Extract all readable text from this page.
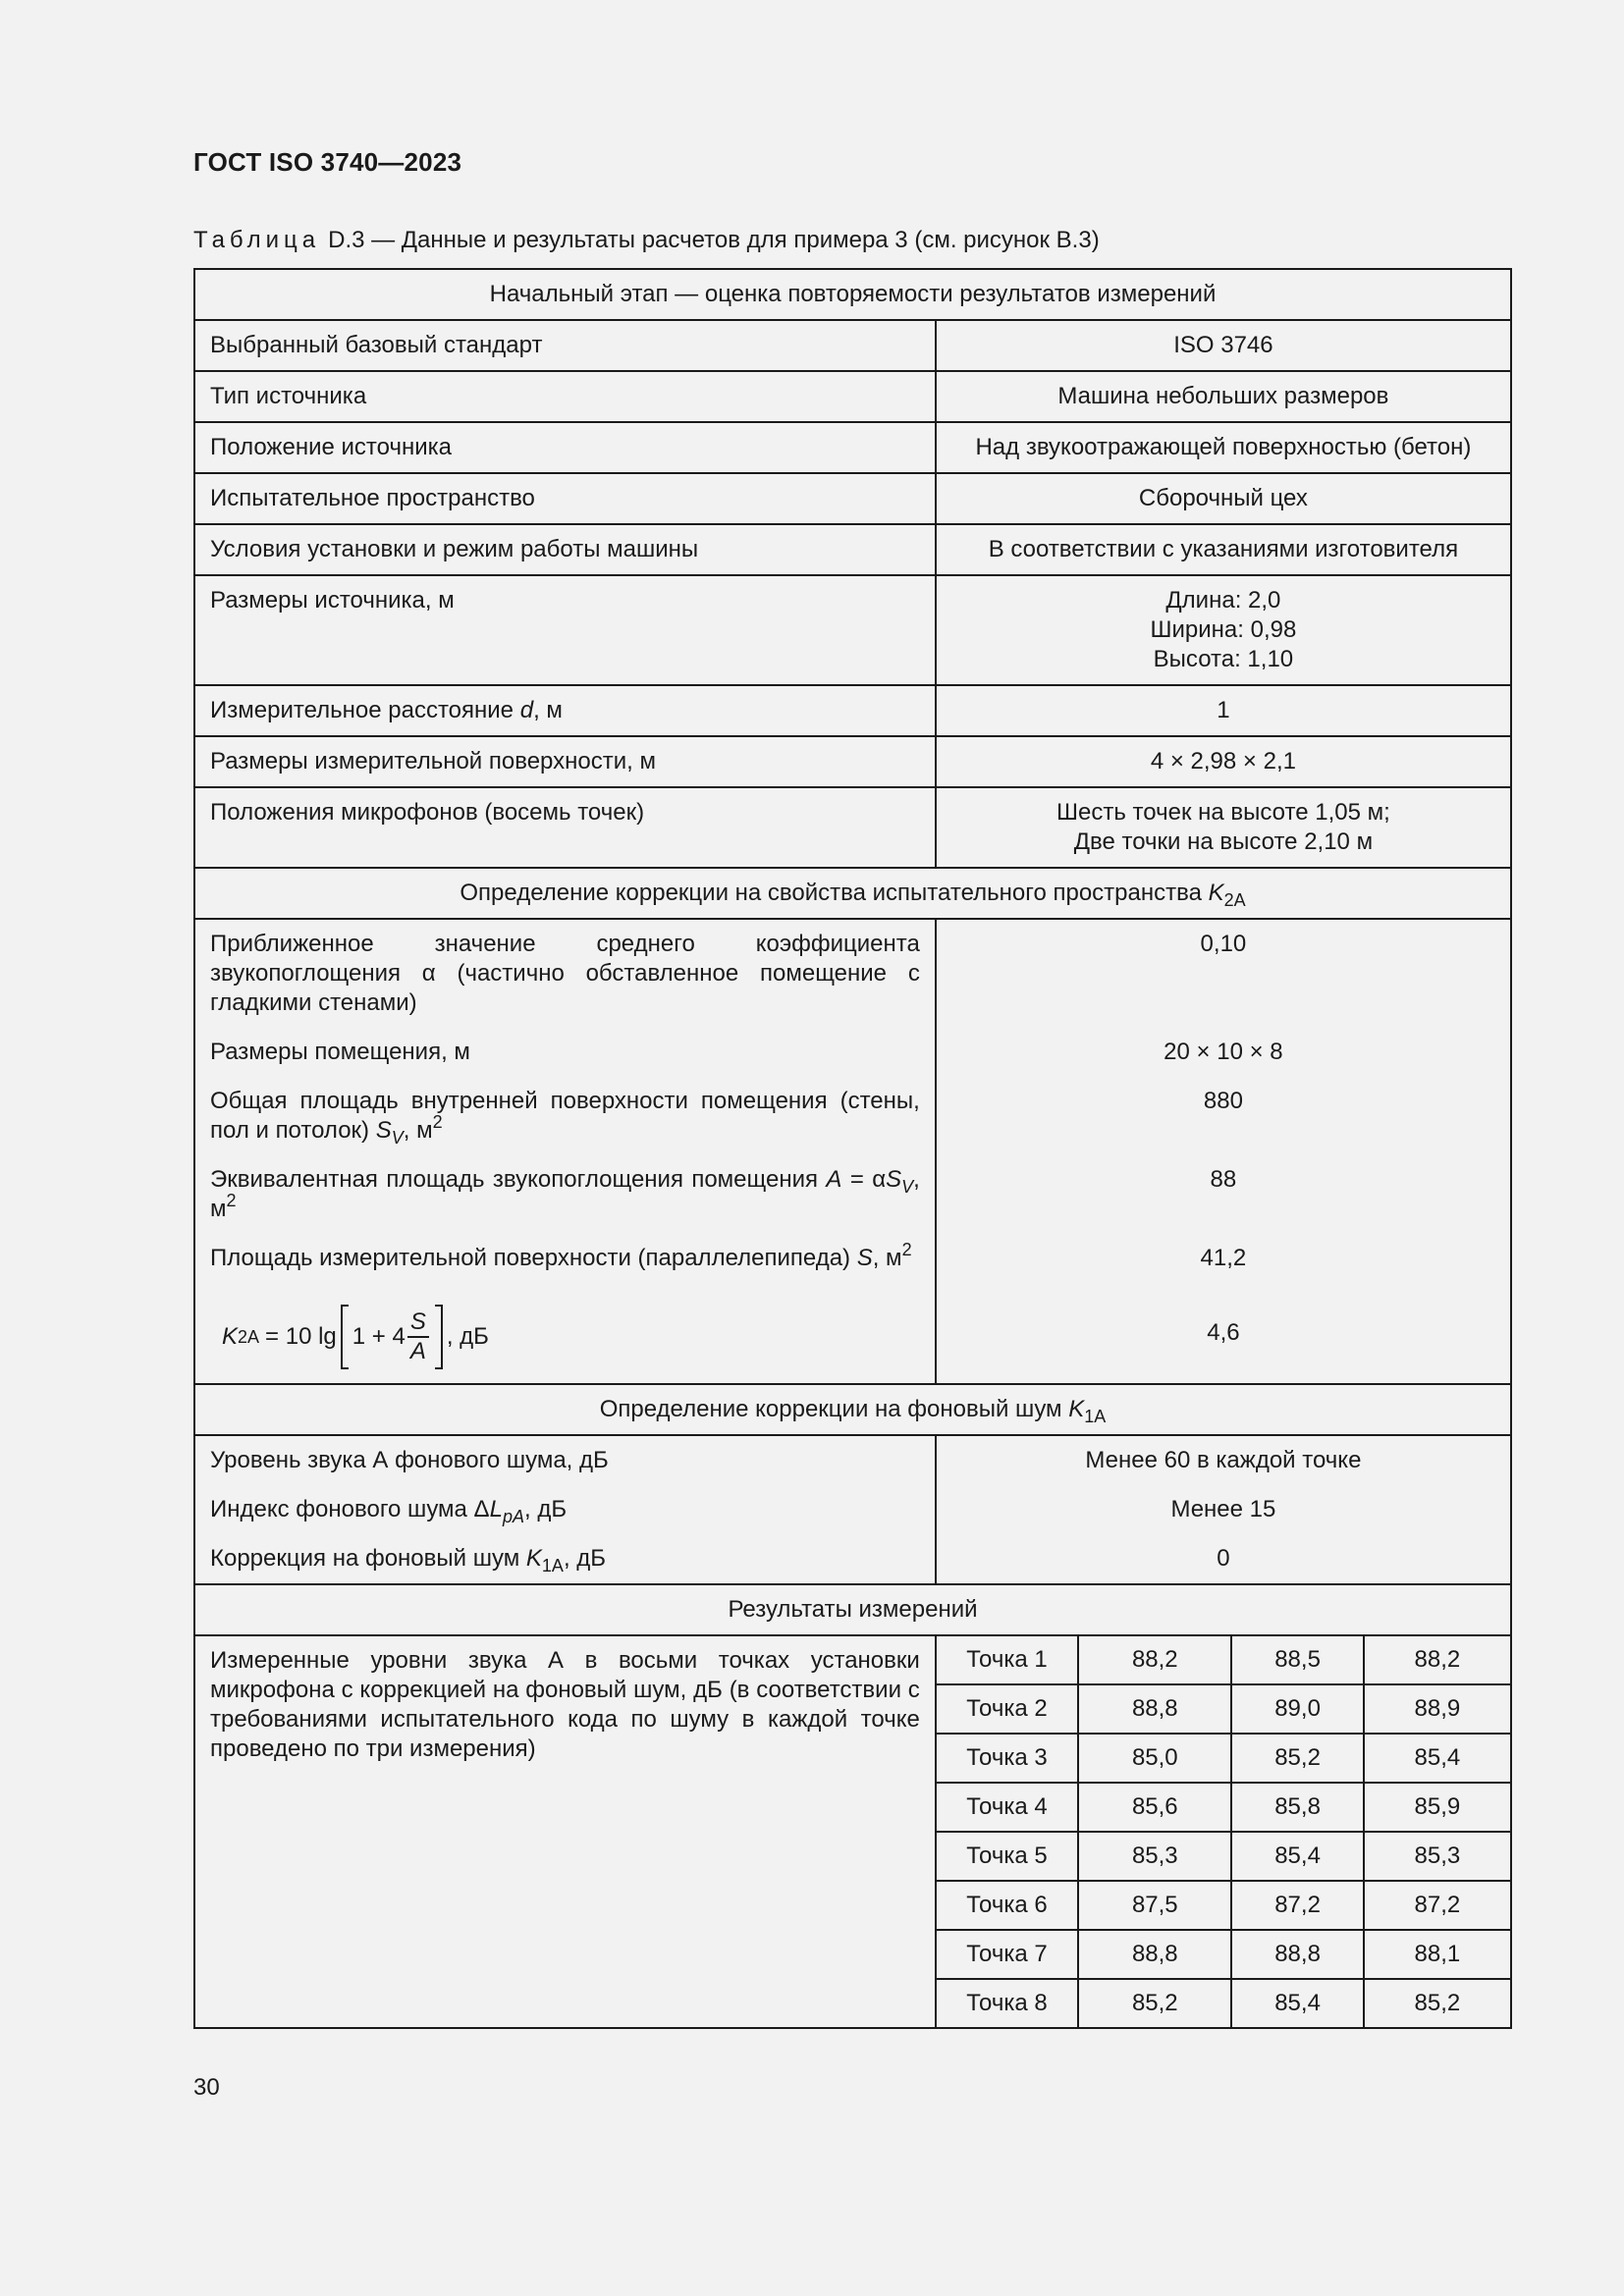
ГОСТ ISO 3740—2023
Таблица D.3 — Данные и результаты расчетов для примера 3 (см. рисунок В.3)
Начальный этап — оценка повторяемости результатов измерений
Выбранный базовый стандарт	ISO 3746
Тип источника	Машина небольших размеров
Положение источника	Над звукоотражающей поверхностью (бетон)
Испытательное пространство	Сборочный цех
Условия установки и режим работы машины	В соответствии с указаниями изготовителя
Размеры источника, м	Длина: 2,0
Ширина: 0,98
Высота: 1,10

Измерительное расстояние d, м	1
Размеры измерительной поверхности, м	4 × 2,98 × 2,1
Положения микрофонов (восемь точек)	Шесть точек на высоте 1,05 м;
Две точки на высоте 2,10 м

Определение коррекции на свойства испытательного пространства $K_{2A}$
Приближенное значение среднего коэффициента звукопоглощения α (частично обставленное помещение с гладкими стенами)	0,10
Размеры помещения, м	20 × 10 × 8
Общая площадь внутренней поверхности помещения (стены, пол и потолок) $S_V$, $м^2$	880
Эквивалентная площадь звукопоглощения помещения $A = \alpha S_V$, $м^2$	88
Площадь измерительной поверхности (параллелепипеда) S, $м^2$	41,2

K 2A = 10 $\lg 1 + 4 \frac{S}{A}$ , дБ	4,6
Определение коррекции на фоновый шум $K_{1A}$
Уровень звука А фонового шума, дБ	Менее 60 в каждой точке
Индекс фонового шума $\Delta L_{pA}$, дБ	Менее 15
Коррекция на фоновый шум $K_{1A}$, дБ	0
Результаты измерений
Измеренные уровни звука А в восьми точках установки микрофона с коррекцией на фоновый шум, дБ (в соответствии с требованиями испытательного кода по шуму в каждой точке проведено по три измерения)	
Точка 1	88,2	88,5	88,2
Точка 2	88,8	89,0	88,9
Точка 3	85,0	85,2	85,4
Точка 4	85,6	85,8	85,9
Точка 5	85,3	85,4	85,3
Точка 6	87,5	87,2	87,2
Точка 7	88,8	88,8	88,1
Точка 8	85,2	85,4	85,2
30
